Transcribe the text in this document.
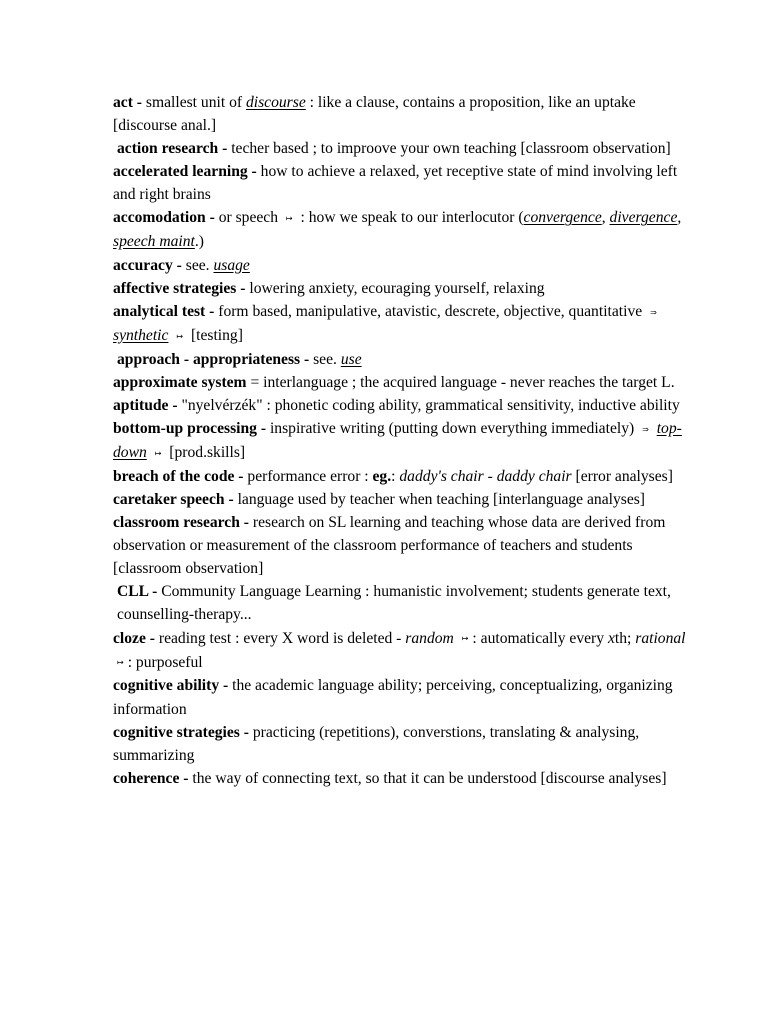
act - smallest unit of discourse : like a clause, contains a proposition, like an uptake [discourse anal.]

action research - techer based ; to improove your own teaching [classroom observation]

accelerated learning - how to achieve a relaxed, yet receptive state of mind involving left and right brains

accomodation - or speech ↦ : how we speak to our interlocutor (convergence, divergence, speech maint.)

accuracy - see. usage

affective strategies - lowering anxiety, ecouraging yourself, relaxing

analytical test - form based, manipulative, atavistic, descrete, objective, quantitative ⇒ synthetic ↦ [testing]

approach - appropriateness - see. use

approximate system = interlanguage ; the acquired language - never reaches the target L.

aptitude - "nyelvérzék" : phonetic coding ability, grammatical sensitivity, inductive ability

bottom-up processing - inspirative writing (putting down everything immediately) ⇒ top-down ↦ [prod.skills]

breach of the code - performance error : eg.: daddy's chair - daddy chair [error analyses]

caretaker speech - language used by teacher when teaching [interlanguage analyses]

classroom research - research on SL learning and teaching whose data are derived from observation or measurement of the classroom performance of teachers and students [classroom observation]

CLL - Community Language Learning : humanistic involvement; students generate text, counselling-therapy...

cloze - reading test : every X word is deleted - random ↦ : automatically every xth; rational ↦ : purposeful

cognitive ability - the academic language ability; perceiving, conceptualizing, organizing information

cognitive strategies - practicing (repetitions), converstions, translating & analysing, summarizing

coherence - the way of connecting text, so that it can be understood [discourse analyses]
